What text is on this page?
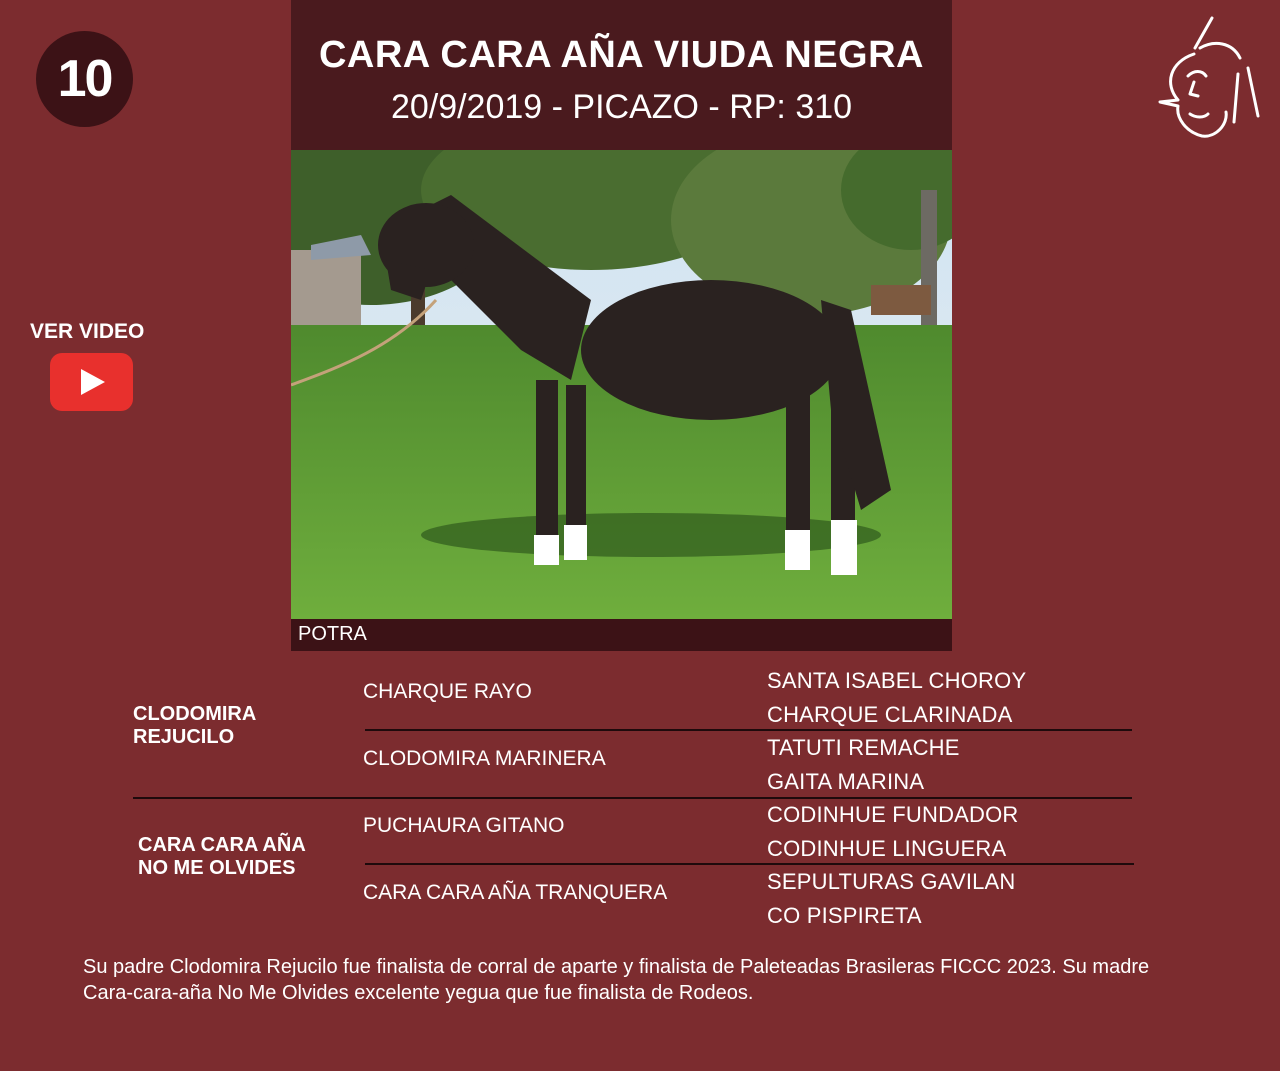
10	CARA CARA AÑA VIUDA NEGRA
20/9/2019 - PICAZO - RP: 310
POTRA
VER VIDEO
CLODOMIRA
REJUCILO
CARA CARA AÑA
NO ME OLVIDES
CHARQUE RAYO
CLODOMIRA MARINERA
PUCHAURA GITANO
CARA CARA AÑA TRANQUERA
SANTA ISABEL CHOROY
CHARQUE CLARINADA
TATUTI REMACHE
GAITA MARINA
CODINHUE FUNDADOR
CODINHUE LINGUERA
SEPULTURAS GAVILAN
CO PISPIRETA
Su padre Clodomira Rejucilo fue finalista de corral de aparte y finalista de Paleteadas Brasileras FICCC 2023. Su madre Cara-cara-aña No Me Olvides excelente yegua que fue finalista de Rodeos.
